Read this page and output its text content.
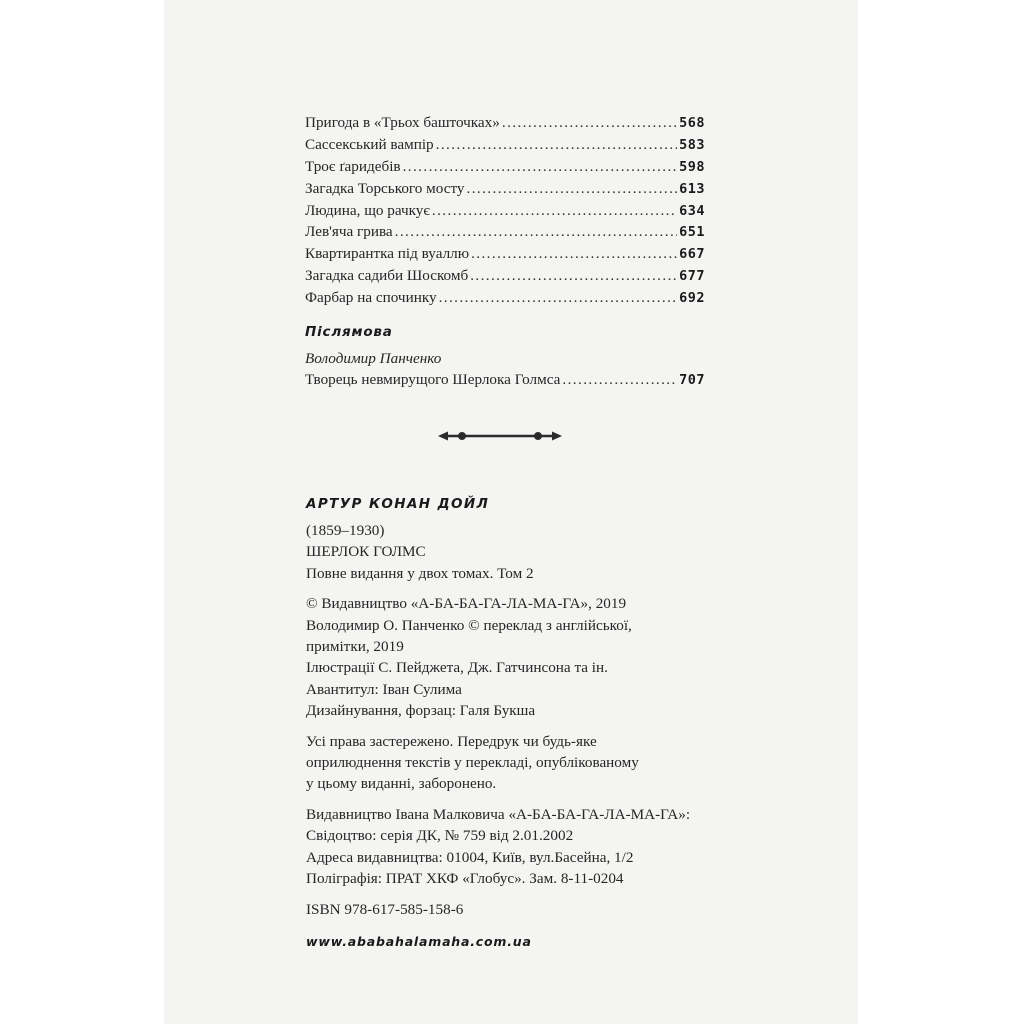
Пригода в «Трьох башточках» . . .	568
Сассекський вампір . . .	583
Троє ґаридебів . . .	598
Загадка Торського мосту . . .	613
Людина, що рачкує . . .	634
Лев'яча грива . . .	651
Квартирантка під вуаллю . . .	667
Загадка садиби Шоскомб . . .	677
Фарбар на спочинку . . .	692
Післямова
Володимир Панченко
Творець невмирущого Шерлока Голмса . . .	707
АРТУР КОНАН ДОЙЛ
(1859–1930)
ШЕРЛОК ГОЛМС
Повне видання у двох томах. Том 2
© Видавництво «А-БА-БА-ГА-ЛА-МА-ГА», 2019
Володимир О. Панченко © переклад з англійської,
примітки, 2019
Ілюстрації С. Пейджета, Дж. Гатчинсона та ін.
Авантитул: Іван Сулима
Дизайнування, форзац: Галя Букша
Усі права застережено. Передрук чи будь-яке
оприлюднення текстів у перекладі, опублікованому
у цьому виданні, заборонено.
Видавництво Івана Малковича «А-БА-БА-ГА-ЛА-МА-ГА»:
Свідоцтво: серія ДК, № 759 від 2.01.2002
Адреса видавництва: 01004, Київ, вул.Басейна, 1/2
Поліграфія: ПРАТ ХКФ «Глобус». Зам. 8-11-0204
ISBN 978-617-585-158-6
www.ababahalamaha.com.ua
